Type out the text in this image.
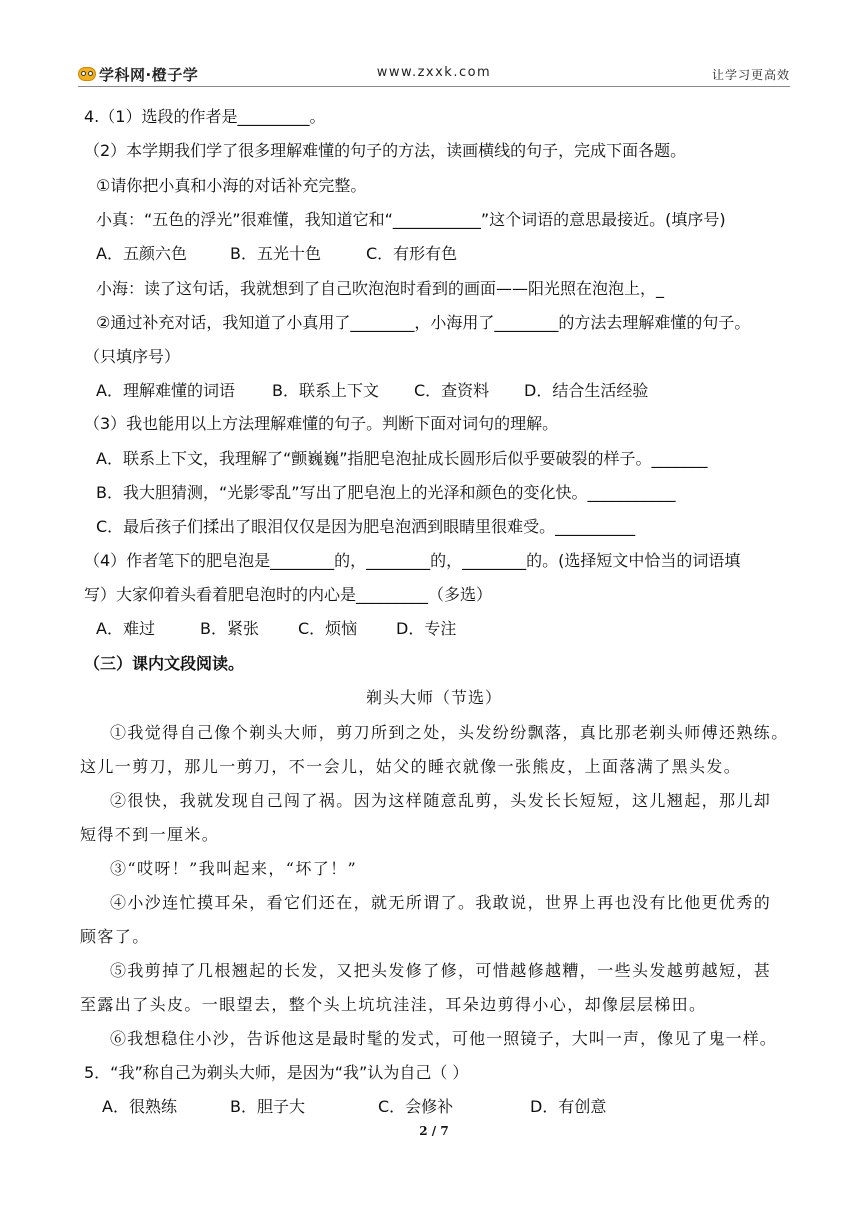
学科网·橙子学	www.zxxk.com	让学习更高效
4.（1）选段的作者是_________。
（2）本学期我们学了很多理解难懂的句子的方法，读画横线的句子，完成下面各题。
①请你把小真和小海的对话补充完整。
小真：“五色的浮光”很难懂，我知道它和“___________”这个词语的意思最接近。(填序号)
A．五颜六色	B．五光十色	C．有形有色
小海：读了这句话，我就想到了自己吹泡泡时看到的画面——阳光照在泡泡上，_
②通过补充对话，我知道了小真用了________，小海用了________的方法去理解难懂的句子。
（只填序号）
A．理解难懂的词语 B．联系上下文 C．查资料 D．结合生活经验
（3）我也能用以上方法理解难懂的句子。判断下面对词句的理解。
A．联系上下文，我理解了“颤巍巍”指肥皂泡扯成长圆形后似乎要破裂的样子。_______
B．我大胆猜测，“光影零乱”写出了肥皂泡上的光泽和颜色的变化快。___________
C．最后孩子们揉出了眼泪仅仅是因为肥皂泡洒到眼睛里很难受。__________
（4）作者笔下的肥皂泡是________的，________的，________的。(选择短文中恰当的词语填
写）大家仰着头看着肥皂泡时的内心是_________（多选）
A．难过	B．紧张 C．烦恼 D．专注
（三）课内文段阅读。
剃头大师（节选）
①我觉得自己像个剃头大师，剪刀所到之处，头发纷纷飘落，真比那老剃头师傅还熟练。
这儿一剪刀，那儿一剪刀，不一会儿，姑父的睡衣就像一张熊皮，上面落满了黑头发。
②很快，我就发现自己闯了祸。因为这样随意乱剪，头发长长短短，这儿翘起，那儿却
短得不到一厘米。
③“哎呀！”我叫起来，“坏了！”
④小沙连忙摸耳朵，看它们还在，就无所谓了。我敢说，世界上再也没有比他更优秀的
顾客了。
⑤我剪掉了几根翘起的长发，又把头发修了修，可惜越修越糟，一些头发越剪越短，甚
至露出了头皮。一眼望去，整个头上坑坑洼洼，耳朵边剪得小心，却像层层梯田。
⑥我想稳住小沙，告诉他这是最时髦的发式，可他一照镜子，大叫一声，像见了鬼一样。
5．“我”称自己为剃头大师，是因为“我”认为自己（ ）
A．很熟练	B．胆子大	C．会修补	D．有创意
2 / 7
